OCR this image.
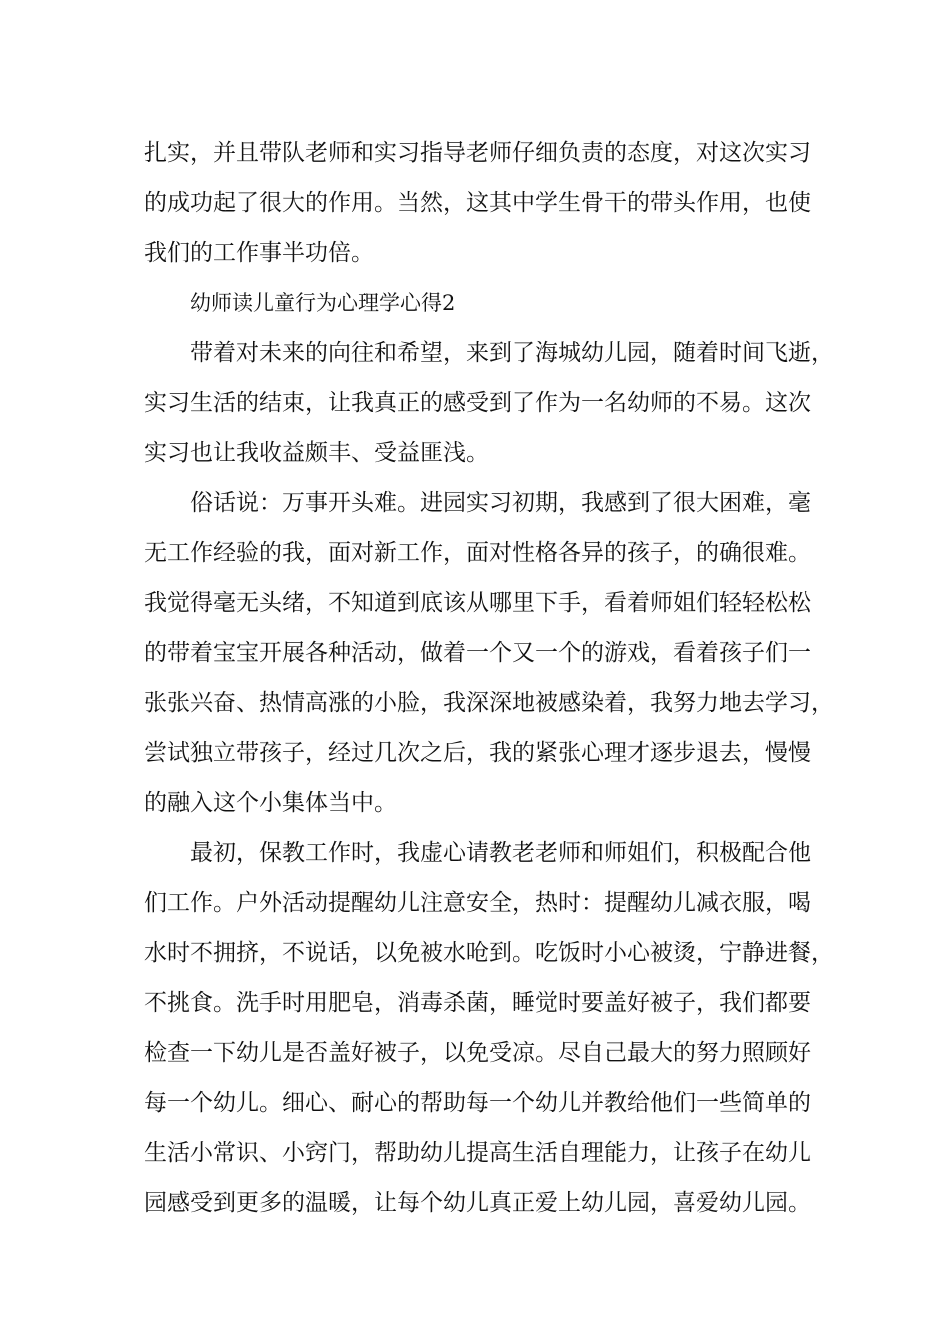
扎实，并且带队老师和实习指导老师仔细负责的态度，对这次实习
的成功起了很大的作用。当然，这其中学生骨干的带头作用，也使
我们的工作事半功倍。
幼师读儿童行为心理学心得2
带着对未来的向往和希望，来到了海城幼儿园，随着时间飞逝，
实习生活的结束，让我真正的感受到了作为一名幼师的不易。这次
实习也让我收益颇丰、受益匪浅。
俗话说：万事开头难。进园实习初期，我感到了很大困难，毫
无工作经验的我，面对新工作，面对性格各异的孩子，的确很难。
我觉得毫无头绪，不知道到底该从哪里下手，看着师姐们轻轻松松
的带着宝宝开展各种活动，做着一个又一个的游戏，看着孩子们一
张张兴奋、热情高涨的小脸，我深深地被感染着，我努力地去学习，
尝试独立带孩子，经过几次之后，我的紧张心理才逐步退去，慢慢
的融入这个小集体当中。
最初，保教工作时，我虚心请教老老师和师姐们，积极配合他
们工作。户外活动提醒幼儿注意安全，热时：提醒幼儿减衣服，喝
水时不拥挤，不说话，以免被水呛到。吃饭时小心被烫，宁静进餐，
不挑食。洗手时用肥皂，消毒杀菌，睡觉时要盖好被子，我们都要
检查一下幼儿是否盖好被子，以免受凉。尽自己最大的努力照顾好
每一个幼儿。细心、耐心的帮助每一个幼儿并教给他们一些简单的
生活小常识、小窍门，帮助幼儿提高生活自理能力，让孩子在幼儿
园感受到更多的温暖，让每个幼儿真正爱上幼儿园，喜爱幼儿园。
